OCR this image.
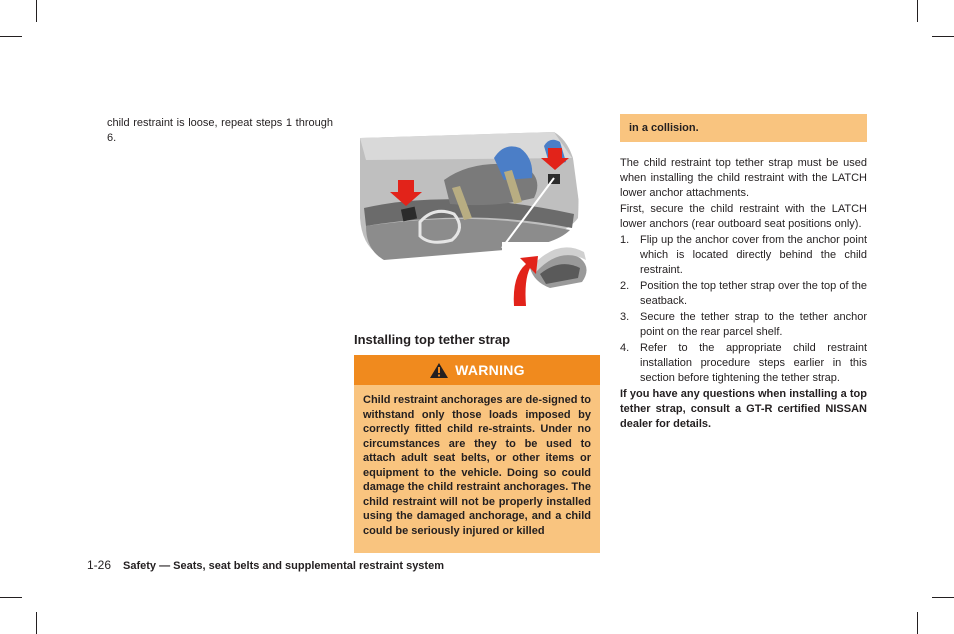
child restraint is loose, repeat steps 1 through 6.

Installing top tether strap
WARNING
Child restraint anchorages are de-signed to withstand only those loads imposed by correctly fitted child re-straints. Under no circumstances are they to be used to attach adult seat belts, or other items or equipment to the vehicle. Doing so could damage the child restraint anchorages. The child restraint will not be properly installed using the damaged anchorage, and a child could be seriously injured or killed
in a collision.

The child restraint top tether strap must be used when installing the child restraint with the LATCH lower anchor attachments.

First, secure the child restraint with the LATCH lower anchors (rear outboard seat positions only).

1. Flip up the anchor cover from the anchor point which is located directly behind the child restraint.
2. Position the top tether strap over the top of the seatback.
3. Secure the tether strap to the tether anchor point on the rear parcel shelf.
4. Refer to the appropriate child restraint installation procedure steps earlier in this section before tightening the tether strap.

If you have any questions when installing a top tether strap, consult a GT-R certified NISSAN dealer for details.

1-26 Safety — Seats, seat belts and supplemental restraint system
